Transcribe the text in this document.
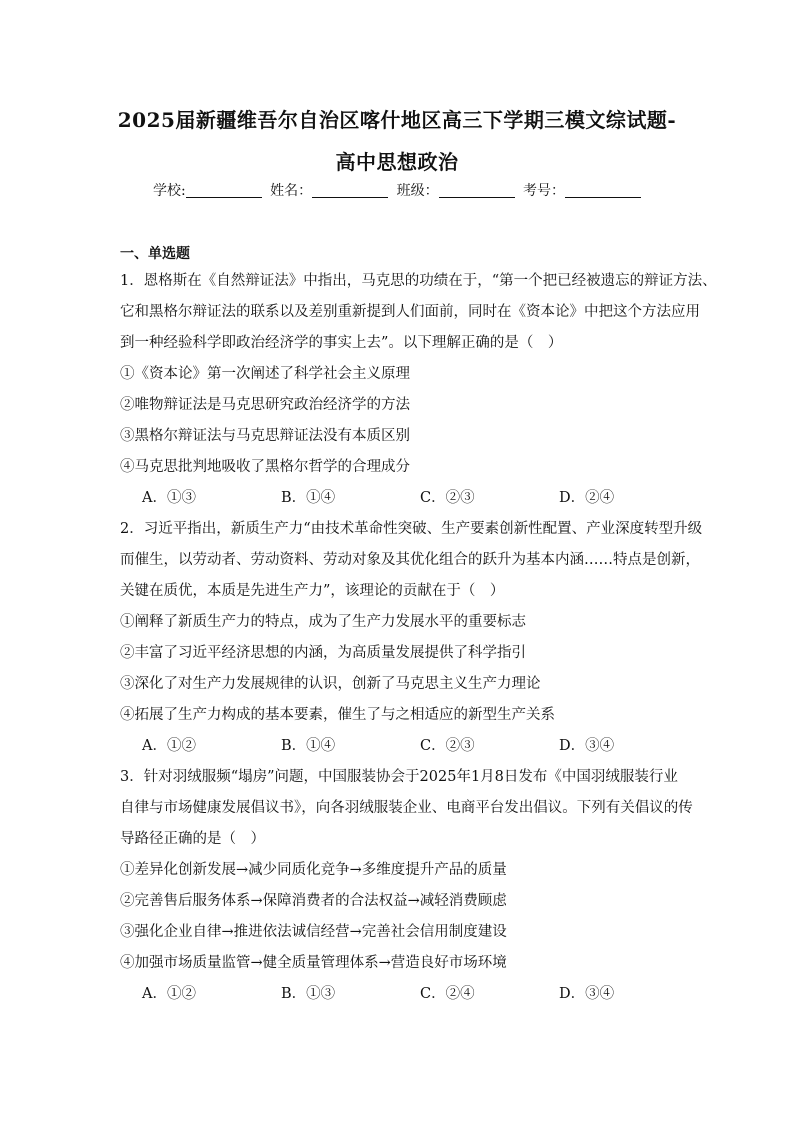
2025届新疆维吾尔自治区喀什地区高三下学期三模文综试题-
高中思想政治
学校:	姓名：	班级：	考号：
一、单选题
1．恩格斯在《自然辩证法》中指出，马克思的功绩在于，“第一个把已经被遗忘的辩证方法、
它和黑格尔辩证法的联系以及差别重新提到人们面前，同时在《资本论》中把这个方法应用
到一种经验科学即政治经济学的事实上去”。以下理解正确的是（　）
①《资本论》第一次阐述了科学社会主义原理
②唯物辩证法是马克思研究政治经济学的方法
③黑格尔辩证法与马克思辩证法没有本质区别
④马克思批判地吸收了黑格尔哲学的合理成分
A．①③	B．①④	C．②③	D．②④
2．习近平指出，新质生产力“由技术革命性突破、生产要素创新性配置、产业深度转型升级
而催生，以劳动者、劳动资料、劳动对象及其优化组合的跃升为基本内涵……特点是创新，
关键在质优，本质是先进生产力”，该理论的贡献在于（　）
①阐释了新质生产力的特点，成为了生产力发展水平的重要标志
②丰富了习近平经济思想的内涵，为高质量发展提供了科学指引
③深化了对生产力发展规律的认识，创新了马克思主义生产力理论
④拓展了生产力构成的基本要素，催生了与之相适应的新型生产关系
A．①②	B．①④	C．②③	D．③④
3．针对羽绒服频“塌房”问题，中国服装协会于2025年1月8日发布《中国羽绒服装行业
自律与市场健康发展倡议书》，向各羽绒服装企业、电商平台发出倡议。下列有关倡议的传
导路径正确的是（　）
①差异化创新发展→减少同质化竞争→多维度提升产品的质量
②完善售后服务体系→保障消费者的合法权益→减轻消费顾虑
③强化企业自律→推进依法诚信经营→完善社会信用制度建设
④加强市场质量监管→健全质量管理体系→营造良好市场环境
A．①②	B．①③	C．②④	D．③④
